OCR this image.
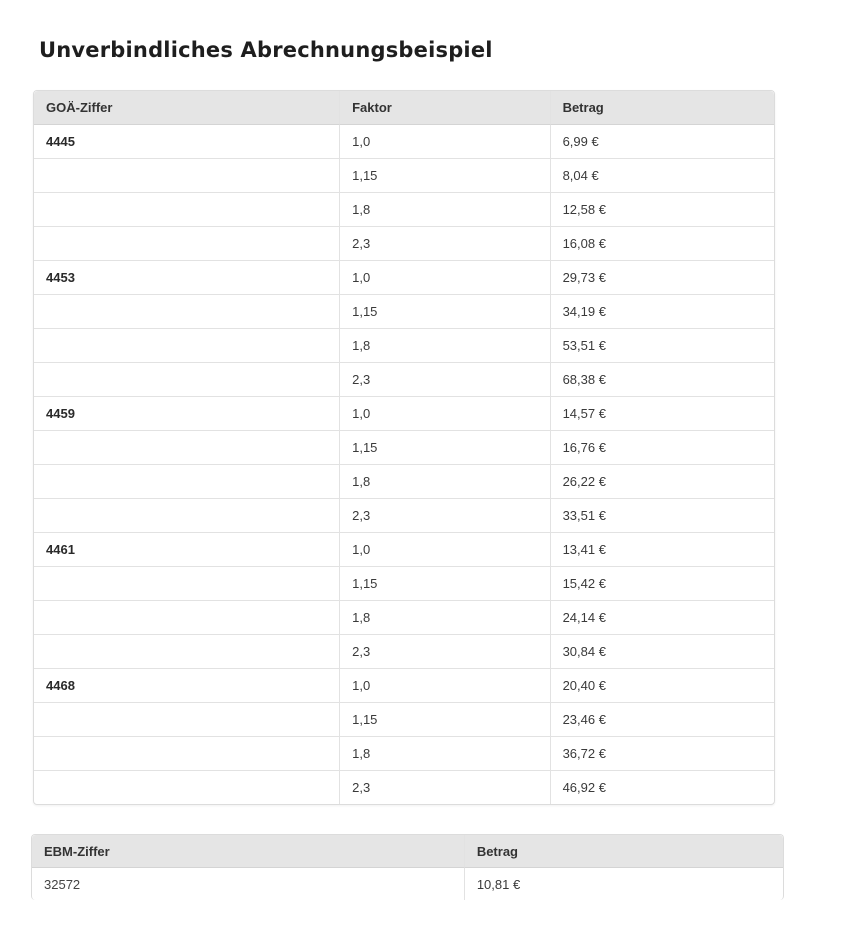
Unverbindliches Abrechnungsbeispiel
GOÄ-Ziffer	Faktor	Betrag
4445	1,0	6,99 €
	1,15	8,04 €
	1,8	12,58 €
	2,3	16,08 €
4453	1,0	29,73 €
	1,15	34,19 €
	1,8	53,51 €
	2,3	68,38 €
4459	1,0	14,57 €
	1,15	16,76 €
	1,8	26,22 €
	2,3	33,51 €
4461	1,0	13,41 €
	1,15	15,42 €
	1,8	24,14 €
	2,3	30,84 €
4468	1,0	20,40 €
	1,15	23,46 €
	1,8	36,72 €
	2,3	46,92 €
EBM-Ziffer	Betrag
32572	10,81 €
